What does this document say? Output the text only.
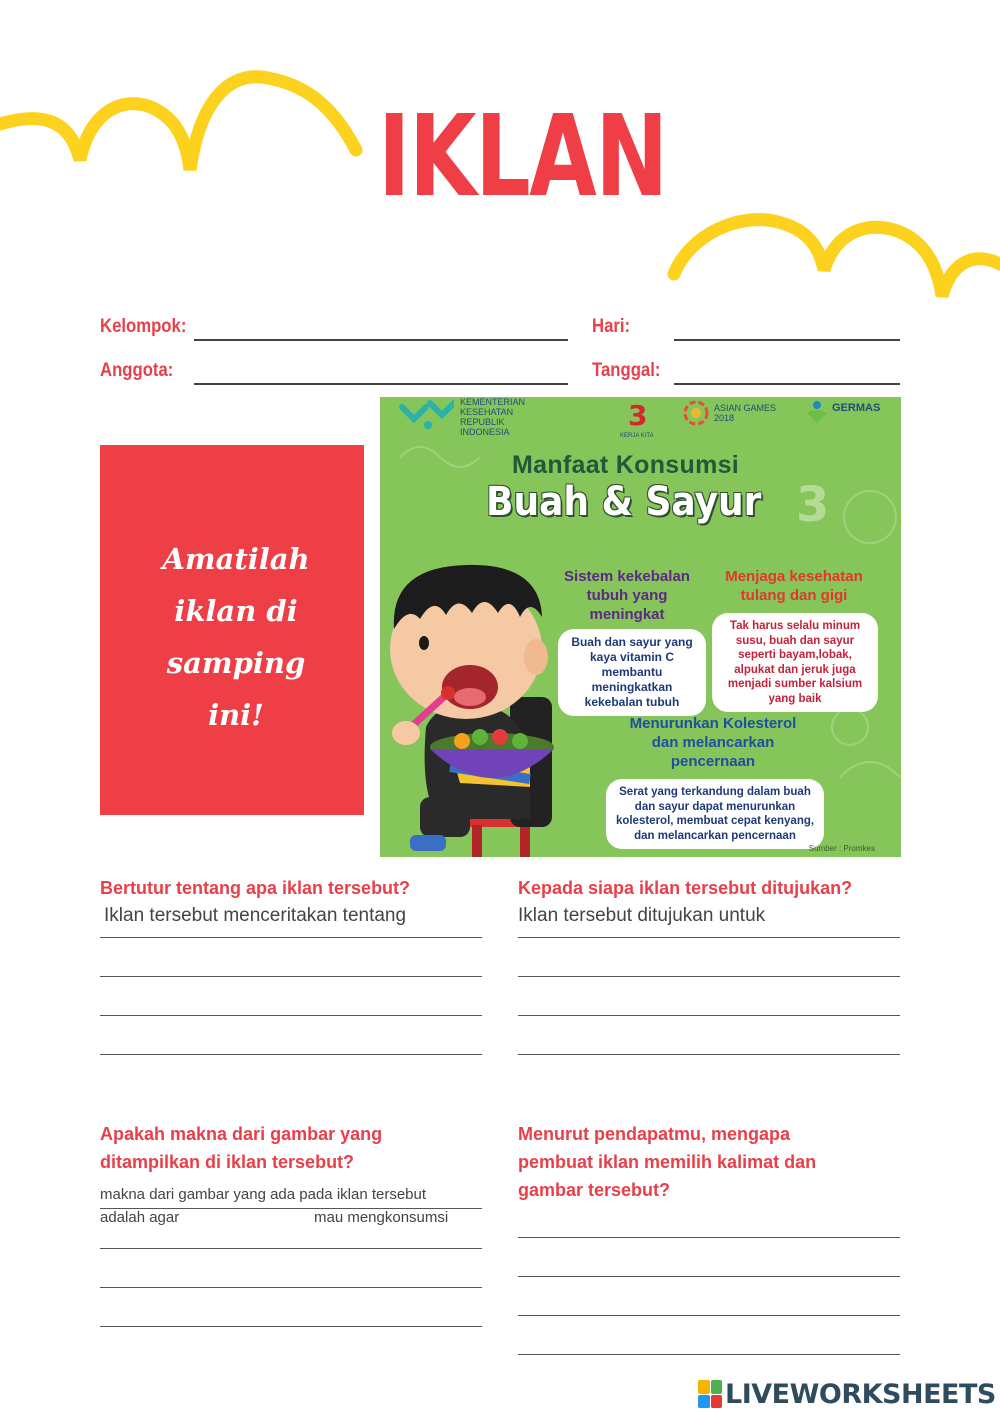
IKLAN
Kelompok:
Anggota:
Hari:
Tanggal:
Amatilah
iklan di
samping
ini!
KEMENTERIAN KESEHATAN REPUBLIK INDONESIA	3
KERJA KITA
ASIAN GAMES 2018
GERMAS
Manfaat Konsumsi
Buah & Sayur 3
Sistem kekebalan tubuh yang meningkat
Buah dan sayur yang kaya vitamin C membantu meningkatkan kekebalan tubuh
Menjaga kesehatan tulang dan gigi
Tak harus selalu minum susu, buah dan sayur seperti bayam,lobak, alpukat dan jeruk juga menjadi sumber kalsium yang baik
Menurunkan Kolesterol dan melancarkan pencernaan
Serat yang terkandung dalam buah dan sayur dapat menurunkan kolesterol, membuat cepat kenyang, dan melancarkan pencernaan
Sumber : Promkes
Bertutur tentang apa iklan tersebut?
Iklan tersebut menceritakan tentang
Kepada siapa iklan tersebut ditujukan?
Iklan tersebut ditujukan untuk
Apakah makna dari gambar yang
ditampilkan di iklan tersebut?
makna dari gambar yang ada pada iklan tersebut
adalah agar	mau mengkonsumsi
Menurut pendapatmu, mengapa
pembuat iklan memilih kalimat dan
gambar tersebut?
LIVEWORKSHEETS
